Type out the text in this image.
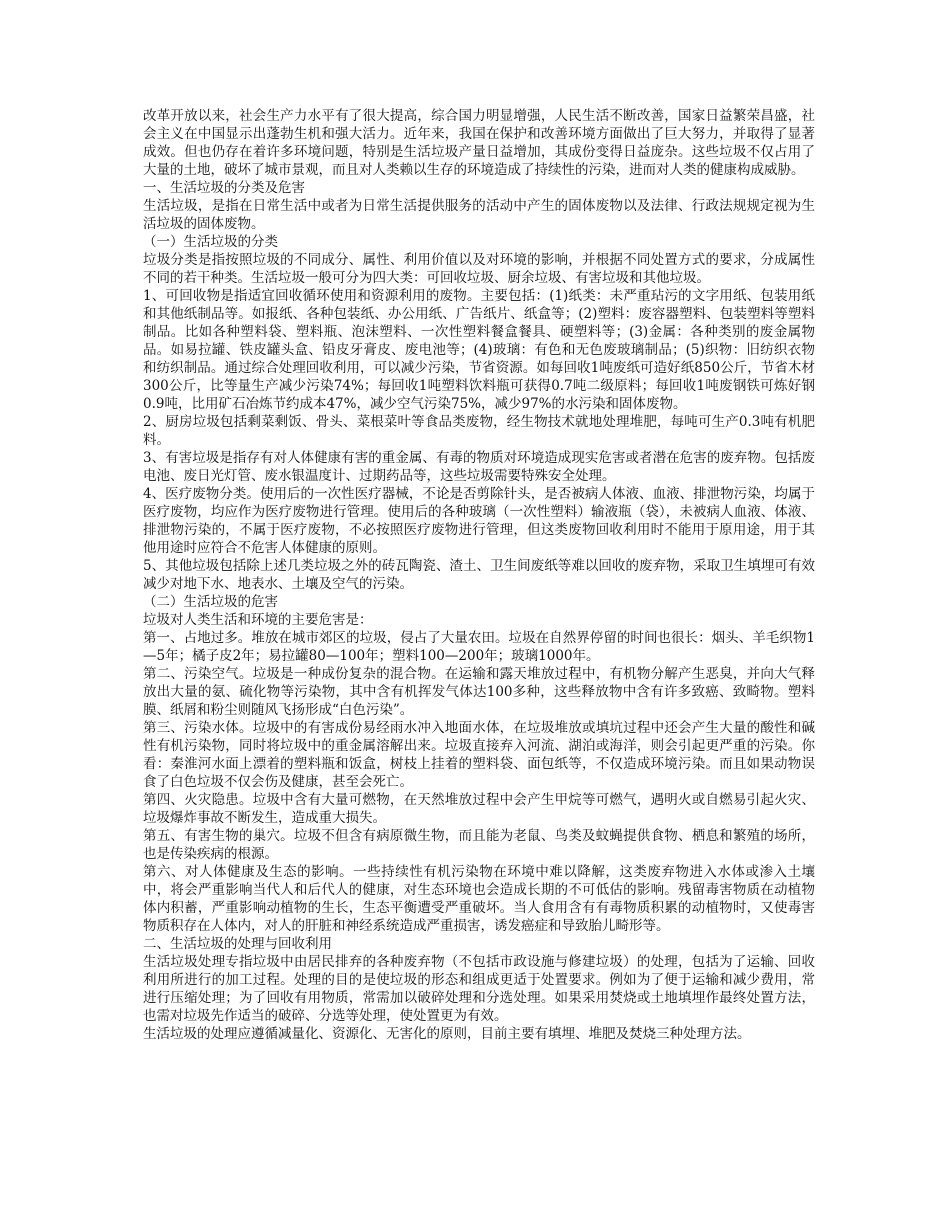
改革开放以来，社会生产力水平有了很大提高，综合国力明显增强，人民生活不断改善，国家日益繁荣昌盛，社会主义在中国显示出蓬勃生机和强大活力。近年来，我国在保护和改善环境方面做出了巨大努力，并取得了显著成效。但也仍存在着许多环境问题，特别是生活垃圾产量日益增加，其成份变得日益庞杂。这些垃圾不仅占用了大量的土地，破坏了城市景观，而且对人类赖以生存的环境造成了持续性的污染，进而对人类的健康构成威胁。

一、生活垃圾的分类及危害

生活垃圾，是指在日常生活中或者为日常生活提供服务的活动中产生的固体废物以及法律、行政法规规定视为生活垃圾的固体废物。

（一）生活垃圾的分类

垃圾分类是指按照垃圾的不同成分、属性、利用价值以及对环境的影响，并根据不同处置方式的要求，分成属性不同的若干种类。生活垃圾一般可分为四大类：可回收垃圾、厨余垃圾、有害垃圾和其他垃圾。

1、可回收物是指适宜回收循环使用和资源利用的废物。主要包括：(1)纸类：未严重玷污的文字用纸、包装用纸和其他纸制品等。如报纸、各种包装纸、办公用纸、广告纸片、纸盒等；(2)塑料：废容器塑料、包装塑料等塑料制品。比如各种塑料袋、塑料瓶、泡沫塑料、一次性塑料餐盒餐具、硬塑料等；(3)金属：各种类别的废金属物品。如易拉罐、铁皮罐头盒、铅皮牙膏皮、废电池等；(4)玻璃：有色和无色废玻璃制品；(5)织物：旧纺织衣物和纺织制品。通过综合处理回收利用，可以减少污染，节省资源。如每回收1吨废纸可造好纸850公斤，节省木材300公斤，比等量生产减少污染74%；每回收1吨塑料饮料瓶可获得0.7吨二级原料；每回收1吨废钢铁可炼好钢0.9吨，比用矿石冶炼节约成本47%，减少空气污染75%，减少97%的水污染和固体废物。

2、厨房垃圾包括剩菜剩饭、骨头、菜根菜叶等食品类废物，经生物技术就地处理堆肥，每吨可生产0.3吨有机肥料。

3、有害垃圾是指存有对人体健康有害的重金属、有毒的物质对环境造成现实危害或者潜在危害的废弃物。包括废电池、废日光灯管、废水银温度计、过期药品等，这些垃圾需要特殊安全处理。

4、医疗废物分类。使用后的一次性医疗器械，不论是否剪除针头，是否被病人体液、血液、排泄物污染，均属于医疗废物，均应作为医疗废物进行管理。使用后的各种玻璃（一次性塑料）输液瓶（袋），未被病人血液、体液、排泄物污染的，不属于医疗废物，不必按照医疗废物进行管理，但这类废物回收利用时不能用于原用途，用于其他用途时应符合不危害人体健康的原则。

5、其他垃圾包括除上述几类垃圾之外的砖瓦陶瓷、渣土、卫生间废纸等难以回收的废弃物，采取卫生填埋可有效减少对地下水、地表水、土壤及空气的污染。

（二）生活垃圾的危害

垃圾对人类生活和环境的主要危害是：

第一、占地过多。堆放在城市郊区的垃圾，侵占了大量农田。垃圾在自然界停留的时间也很长：烟头、羊毛织物1—5年；橘子皮2年；易拉罐80—100年；塑料100—200年；玻璃1000年。

第二、污染空气。垃圾是一种成份复杂的混合物。在运输和露天堆放过程中，有机物分解产生恶臭，并向大气释放出大量的氨、硫化物等污染物，其中含有机挥发气体达100多种，这些释放物中含有许多致癌、致畸物。塑料膜、纸屑和粉尘则随风飞扬形成“白色污染”。

第三、污染水体。垃圾中的有害成份易经雨水冲入地面水体，在垃圾堆放或填坑过程中还会产生大量的酸性和碱性有机污染物，同时将垃圾中的重金属溶解出来。垃圾直接弃入河流、湖泊或海洋，则会引起更严重的污染。你看：秦淮河水面上漂着的塑料瓶和饭盒，树枝上挂着的塑料袋、面包纸等，不仅造成环境污染。而且如果动物误食了白色垃圾不仅会伤及健康，甚至会死亡。

第四、火灾隐患。垃圾中含有大量可燃物，在天然堆放过程中会产生甲烷等可燃气，遇明火或自燃易引起火灾、垃圾爆炸事故不断发生，造成重大损失。

第五、有害生物的巢穴。垃圾不但含有病原微生物，而且能为老鼠、鸟类及蚊蝇提供食物、栖息和繁殖的场所，也是传染疾病的根源。

第六、对人体健康及生态的影响。一些持续性有机污染物在环境中难以降解，这类废弃物进入水体或渗入土壤中，将会严重影响当代人和后代人的健康，对生态环境也会造成长期的不可低估的影响。残留毒害物质在动植物体内积蓄，严重影响动植物的生长，生态平衡遭受严重破坏。当人食用含有有毒物质积累的动植物时，又使毒害物质积存在人体内，对人的肝脏和神经系统造成严重损害，诱发癌症和导致胎儿畸形等。

二、生活垃圾的处理与回收利用

生活垃圾处理专指垃圾中由居民排弃的各种废弃物（不包括市政设施与修建垃圾）的处理，包括为了运输、回收利用所进行的加工过程。处理的目的是使垃圾的形态和组成更适于处置要求。例如为了便于运输和减少费用，常进行压缩处理；为了回收有用物质，常需加以破碎处理和分选处理。如果采用焚烧或土地填埋作最终处置方法，也需对垃圾先作适当的破碎、分选等处理，使处置更为有效。

生活垃圾的处理应遵循减量化、资源化、无害化的原则，目前主要有填埋、堆肥及焚烧三种处理方法。
